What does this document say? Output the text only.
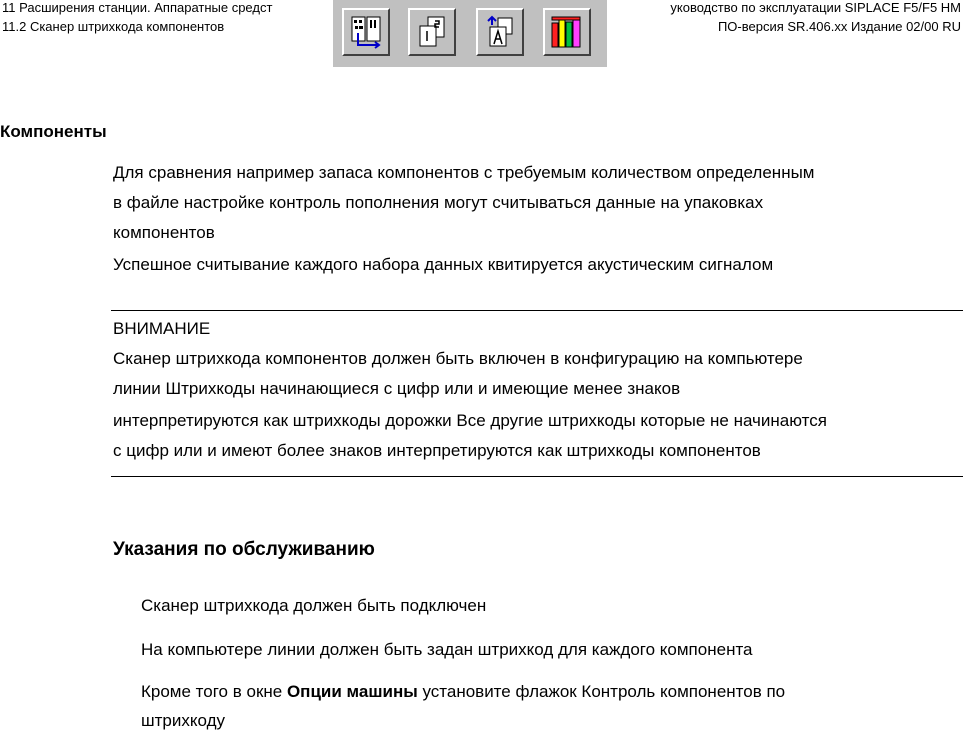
11 Расширения станции. Аппаратные средст
11.2 Сканер штрихкода компонентов
уководство по эксплуатации SIPLACE F5/F5 HM
ПО-версия SR.406.xx Издание 02/00 RU
Компоненты
Для сравнения например запаса компонентов с требуемым количеством определенным
в файле настройке контроль пополнения могут считываться данные на упаковках
компонентов
Успешное считывание каждого набора данных квитируется акустическим сигналом
ВНИМАНИЕ
Сканер штрихкода компонентов должен быть включен в конфигурацию на компьютере
линии Штрихкоды начинающиеся с цифр или и имеющие менее знаков
интерпретируются как штрихкоды дорожки Все другие штрихкоды которые не начинаются
с цифр или и имеют более знаков интерпретируются как штрихкоды компонентов
Указания по обслуживанию
Сканер штрихкода должен быть подключен
На компьютере линии должен быть задан штрихкод для каждого компонента
Кроме того в окне Опции машины установите флажок Контроль компонентов по
штрихкоду
